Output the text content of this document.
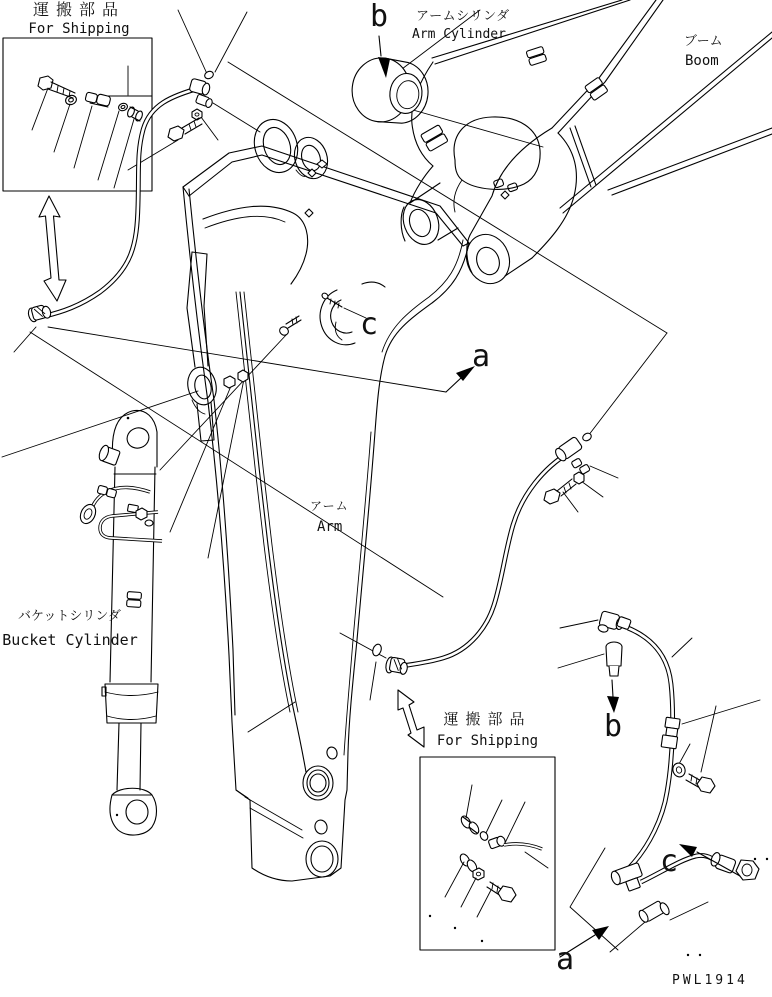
運搬部品
For Shipping	b アームシリンダ
Arm Cylinder	ブーム
Boom
c
a
アーム
Arm
バケットシリンダ
Bucket Cylinder
運搬部品
For Shipping	b
c
a
PWL1914
